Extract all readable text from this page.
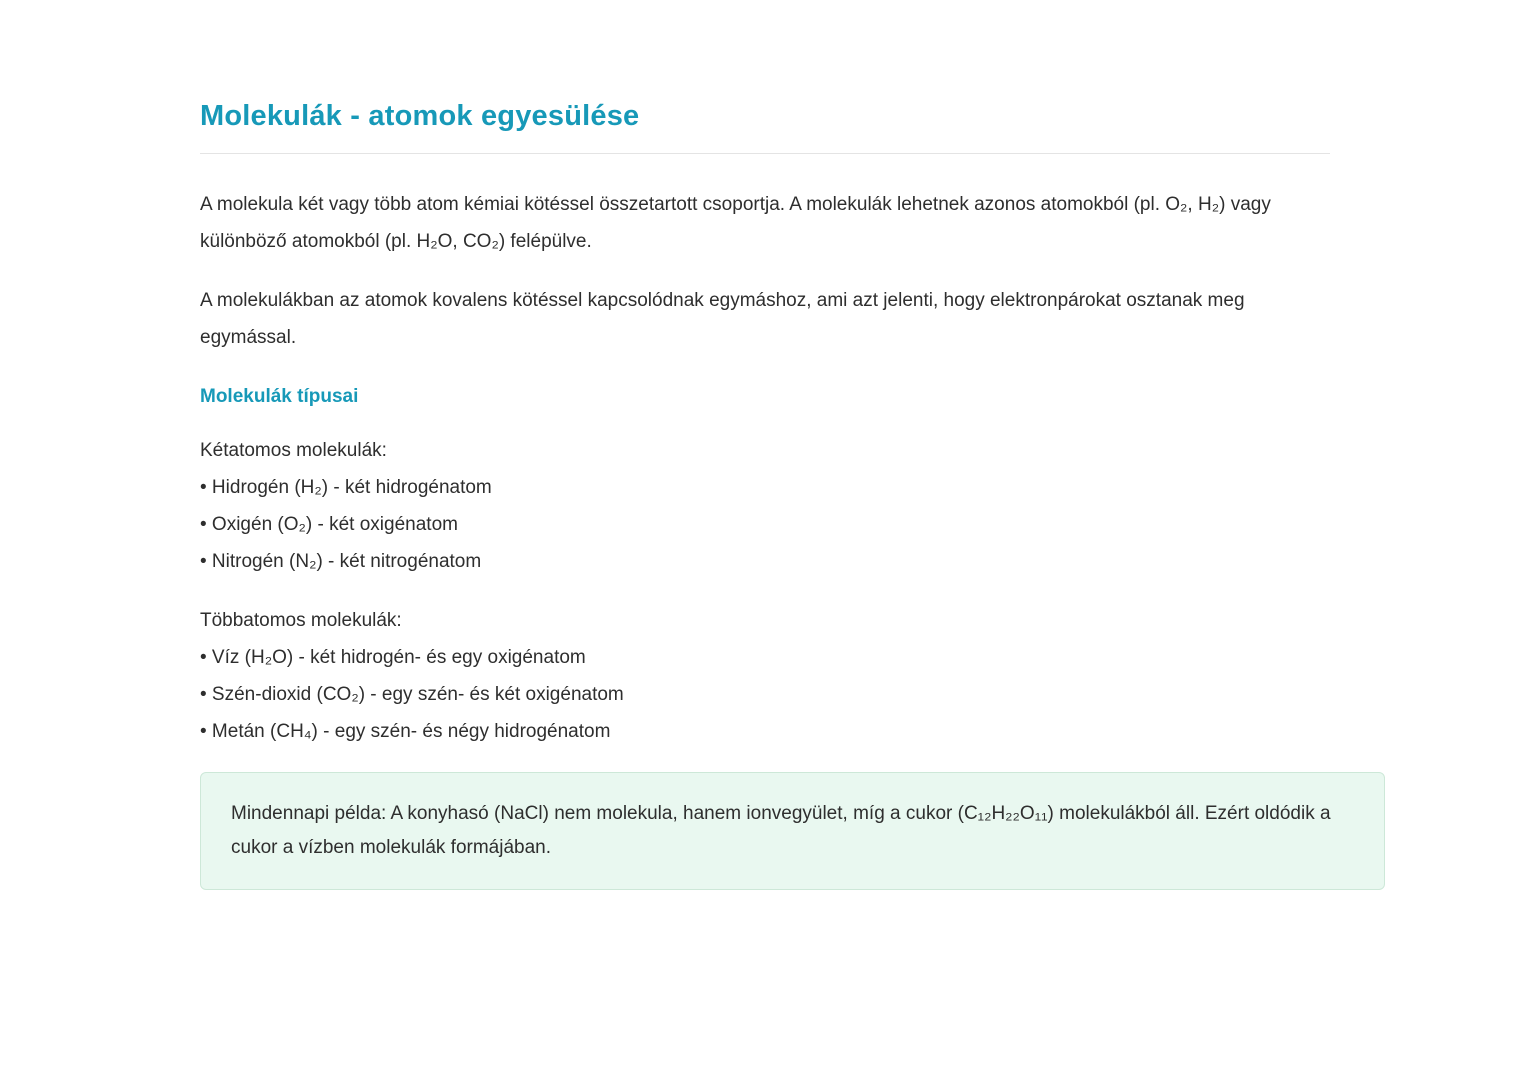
Molekulák - atomok egyesülése

A molekula két vagy több atom kémiai kötéssel összetartott csoportja. A molekulák lehetnek azonos atomokból (pl. O₂, H₂) vagy különböző atomokból (pl. H₂O, CO₂) felépülve.

A molekulákban az atomok kovalens kötéssel kapcsolódnak egymáshoz, ami azt jelenti, hogy elektronpárokat osztanak meg egymással.

Molekulák típusai
Kétatomos molekulák:
• Hidrogén (H₂) - két hidrogénatom
• Oxigén (O₂) - két oxigénatom
• Nitrogén (N₂) - két nitrogénatom
Többatomos molekulák:
• Víz (H₂O) - két hidrogén- és egy oxigénatom
• Szén-dioxid (CO₂) - egy szén- és két oxigénatom
• Metán (CH₄) - egy szén- és négy hidrogénatom

Mindennapi példa: A konyhasó (NaCl) nem molekula, hanem ionvegyület, míg a cukor (C₁₂H₂₂O₁₁) molekulákból áll. Ezért oldódik a cukor a vízben molekulák formájában.
